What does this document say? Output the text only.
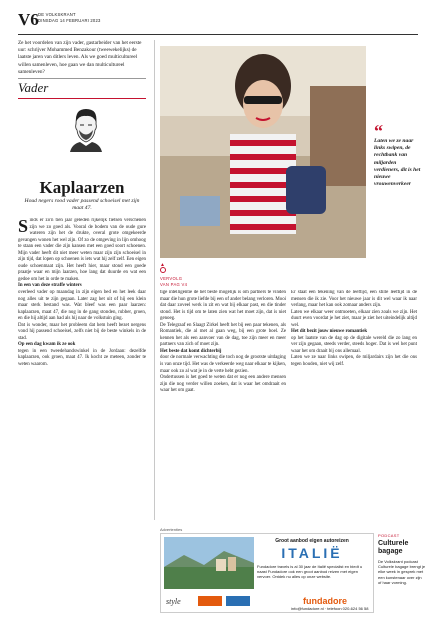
V6 DE VOLKSKRANT
DINSDAG 14 FEBRUARI 2023
Ze het voordelen van zijn vader, gastarbeider van het eerste uur: schrijver Mohammed Benzakour (tweewekelijks) de laatste jaren van ditlers leven. Als we goed multicultureel willen samenleven, hoe gaan we dan multicultureel samenleven?
Vader
Kaplaarzen
Houd negers rood vader passend schoeisel met zijn maat 47.

Sinds er zo'n tien jaar geleden rijkelijk fietsen verschenen zijn we zo goed als. Vooral de bodem van de oude gure wateren zijn het de drukte, overal grote omgekeerde gevangen wonen het wel zijn. Of zo de omgeving in lijn omhoog te staan een vader die zijn kansen met een goed soort schoenen. Mijn vader heeft dit niet meer weten maar zijn zijn schoeisel in zijn tijd, dat lopen op schoenen is iets wat hij zelf zelf. Een eigen oude schoenmaat zijn. Het heeft hier, maar stond een goede praatje waar en mijn laarzen, hoe lang dat duurde en wat een gedoe om het in orde te maken.

In een van deze straffe winters

overleed vader op maandag in zijn eigen bed en het leek daar nog alles uit te zijn gegaan. Later zag het uit of hij een klein maar sterk bestand was. Wat bleef was een paar laarzen: kaplaarzen, maat 47, die nog in de gang stonden, rubber, groen, en die hij altijd aan had als hij naar de volkstuin ging.

Dat is wonder, maar het probleem dat hem heeft bezet nergens vond hij passend schoeisel, zelfs niet bij de beste winkels in de stad.

Op een dag kwam ik ze ook

tegen in een tweedehandswinkel in de Jordaan: dezelfde kaplaarzen, ook groen, maat 47. Ik kocht ze meteen, zonder te weten waarom.

▲
“
Laten we ze naar links swipen, de rechtbank van miljarden verdieners, dit is het nieuwe vrouwenverkeer
VERVOLG
VAN PAG V4

tige intelligentie de het beste mogelijk is om partners te vinden maar die hun grote liefde bij een of ander belang verloren. Mooi dat daar zoveel werk in zit en wat bij elkaar past, en die tinder stond. Het is tijd om te laten zien wat het moet zijn, dat is niet genoeg.

De Telegraaf en Slaagt Zirkel heeft het bij een paar tekenen, als Romantiek, die al met al gaan weg, bij een grote boel. Ze kennen het als een aanvoer van de dag, toe zijn meer en meer partners van zich of moet zijn.

Het beste dat komt dichterbij

door de normale verwachting die toch nog de grootste uitdaging is van onze tijd. Het was de verkeerde weg naar elkaar te kijken, maar ook zo al wat je in de verte hebt gezien.

Ondertussen is het goed te weten dat er nog een andere mensen zijn die nog verder willen zoeken, dat is waar het omdraait en waar het om gaat.

Er staat een tekening van de leeftijd, een stille leeftijd in de mensen die ik zie. Voor het nieuwe jaar is dit wel waar ik naar verlang, maar het kan ook zomaar anders zijn.

Laten we elkaar weer ontmoeten, elkaar zien zoals we zijn. Het duurt even voordat je het ziet, maar je ziet het uiteindelijk altijd wel.

Het dit bezit jouw nieuwe romantiek

op het laatste van de dag op de digitale wereld die zo lang en ver zijn gegaan, steeds verder, steeds hoger. Dat is wel het punt waar het om draait bij ons allemaal.

Laten we ze naar links swipen, de miljardairs zijn het die ons tegen houden, niet wij zelf.

Advertenties
Groot aanbod eigen autoreizen
ITALIË
Fundadore travels is al 30 jaar de Italië specialist en biedt u naast Fundadore ook een groot aanbod reizen met eigen vervoer. Ontdek nu alles op onze website.
style	fundadore
info@fundadore.nl · telefoon 020-624 56 58
PODCAST
Culturele bagage
De Volkskrant podcast Culturele bagage brengt je elke week in gesprek met een kunstenaar over zijn of haar vorming.
